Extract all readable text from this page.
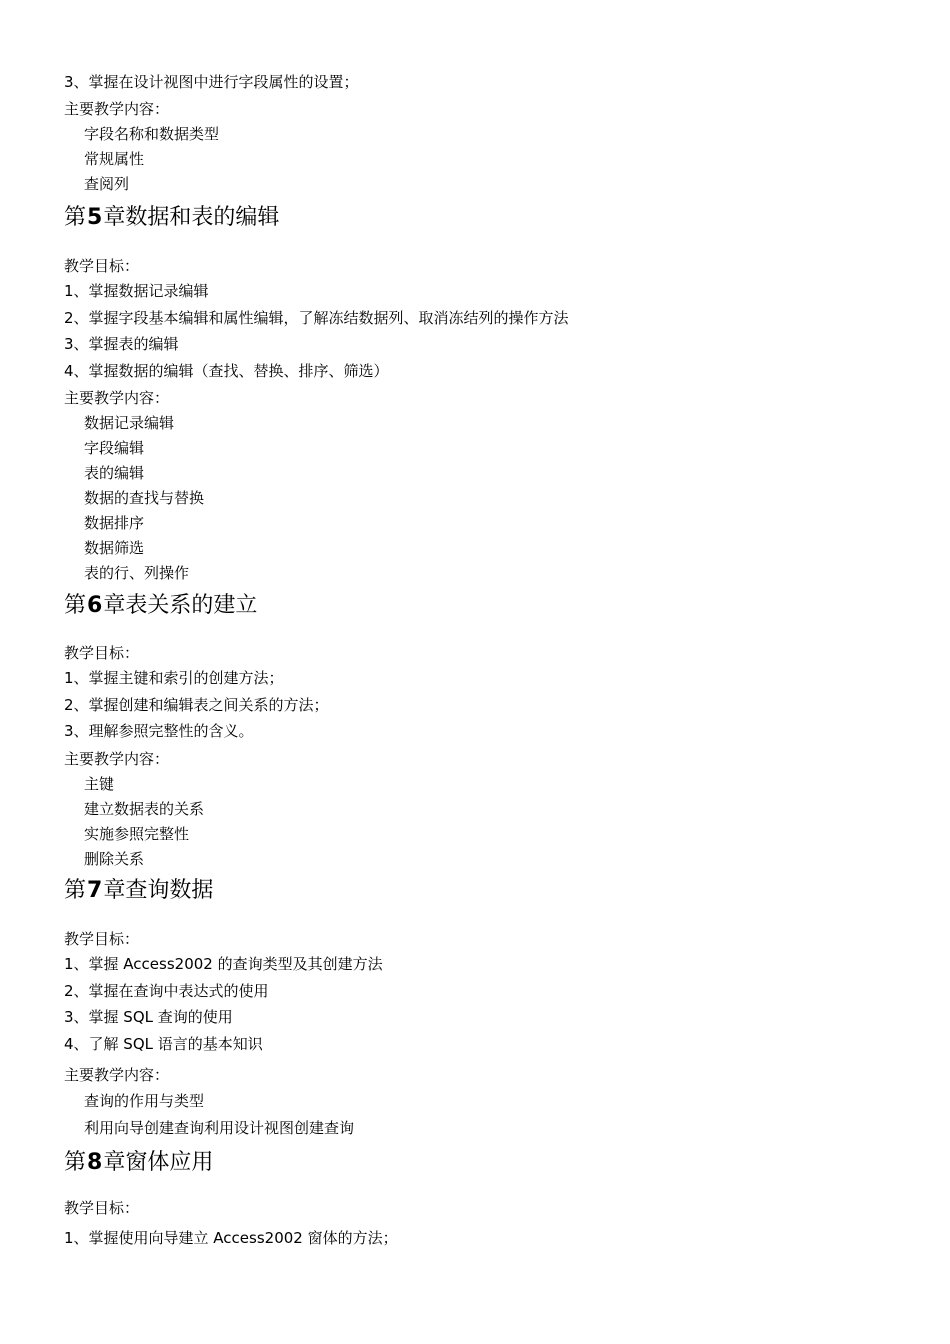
3、掌握在设计视图中进行字段属性的设置；
主要教学内容：
字段名称和数据类型
常规属性
查阅列
第5章数据和表的编辑
教学目标：
1、掌握数据记录编辑
2、掌握字段基本编辑和属性编辑，了解冻结数据列、取消冻结列的操作方法
3、掌握表的编辑
4、掌握数据的编辑（查找、替换、排序、筛选）
主要教学内容：
数据记录编辑
字段编辑
表的编辑
数据的查找与替换
数据排序
数据筛选
表的行、列操作
第6章表关系的建立
教学目标：
1、掌握主键和索引的创建方法；
2、掌握创建和编辑表之间关系的方法；
3、理解参照完整性的含义。
主要教学内容：
主键
建立数据表的关系
实施参照完整性
删除关系
第7章查询数据
教学目标：
1、掌握 Access2002 的查询类型及其创建方法
2、掌握在查询中表达式的使用
3、掌握 SQL 查询的使用
4、了解 SQL 语言的基本知识
主要教学内容：
查询的作用与类型
利用向导创建查询利用设计视图创建查询
第8章窗体应用
教学目标：
1、掌握使用向导建立 Access2002 窗体的方法；
